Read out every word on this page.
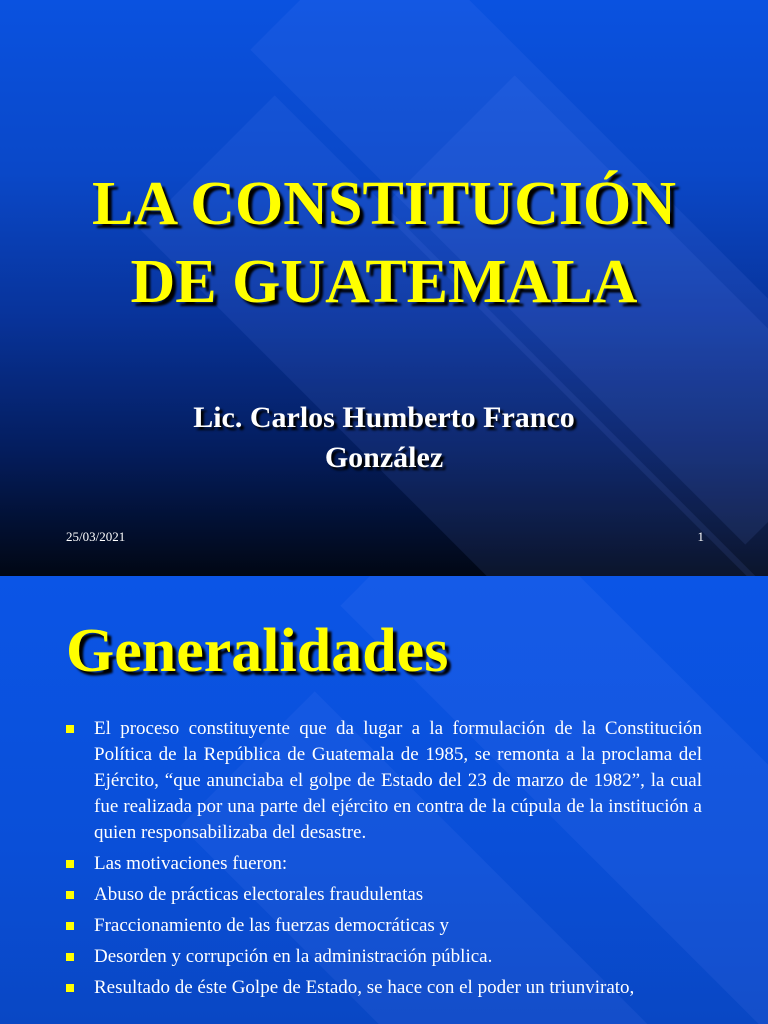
LA CONSTITUCIÓN
DE GUATEMALA
Lic. Carlos Humberto Franco
González
25/03/2021	1
Generalidades
El proceso constituyente que da lugar a la formulación de la Constitución Política de la República de Guatemala de 1985, se remonta a la proclama del Ejército, “que anunciaba el golpe de Estado del 23 de marzo de 1982”, la cual fue realizada por una parte del ejército en contra de la cúpula de la institución a quien responsabilizaba del desastre.
Las motivaciones fueron:
Abuso de prácticas electorales fraudulentas
Fraccionamiento de las fuerzas democráticas y
Desorden y corrupción en la administración pública.
Resultado de éste Golpe de Estado, se hace con el poder un triunvirato,
